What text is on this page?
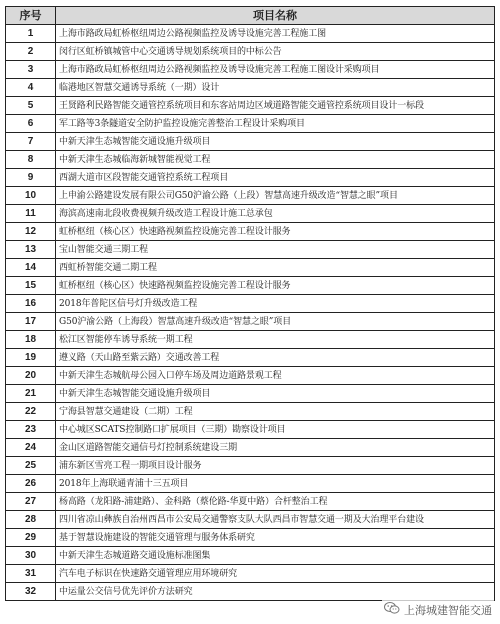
序号	项目名称
1	上海市路政局虹桥枢纽周边公路视频监控及诱导设施完善工程施工图
2	闵行区虹桥镇城管中心交通诱导规划系统项目的中标公告
3	上海市路政局虹桥枢纽周边公路视频监控及诱导设施完善工程施工图设计采购项目
4	临港地区智慧交通诱导系统（一期）设计
5	王贤路利民路智能交通管控系统项目和东客站周边区域道路智能交通管控系统项目设计一标段
6	军工路等3条隧道安全防护监控设施完善整治工程设计采购项目
7	中新天津生态城智能交通设施升级项目
8	中新天津生态城临海新城智能视觉工程
9	西湖大道市区段智能交通管控系统工程项目
10	上申渝公路建设发展有限公司G50沪渝公路（上段）智慧高速升级改造“智慧之眼”项目
11	海滨高速南北段收费视频升级改造工程设计施工总承包
12	虹桥枢纽（核心区）快速路视频监控设施完善工程设计服务
13	宝山智能交通三期工程
14	西虹桥智能交通二期工程
15	虹桥枢纽（核心区）快速路视频监控设施完善工程设计服务
16	2018年普陀区信号灯升级改造工程
17	G50沪渝公路（上海段）智慧高速升级改造“智慧之眼”项目
18	松江区智能停车诱导系统一期工程
19	遵义路（天山路至紫云路）交通改善工程
20	中新天津生态城航母公园入口停车场及周边道路景观工程
21	中新天津生态城智能交通设施升级项目
22	宁海县智慧交通建设（二期）工程
23	中心城区SCATS控制路口扩展项目（三期）勘察设计项目
24	金山区道路智能交通信号灯控制系统建设三期
25	浦东新区雪亮工程一期项目设计服务
26	2018年上海联通青浦十三五项目
27	杨高路（龙阳路-浦建路）、金科路（蔡伦路-华夏中路）合杆整治工程
28	四川省凉山彝族自治州西昌市公安局交通警察支队大队西昌市智慧交通一期及大治理平台建设
29	基于智慧设施建设的智能交通管理与服务体系研究
30	中新天津生态城道路交通设施标准图集
31	汽车电子标识在快速路交通管理应用环境研究
32	中运量公交信号优先评价方法研究
上海城建智能交通
